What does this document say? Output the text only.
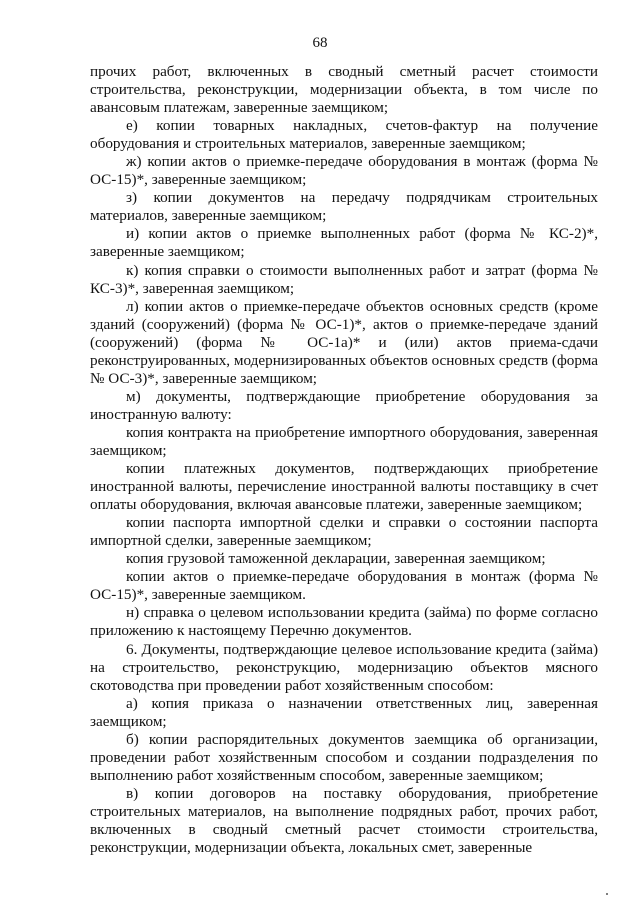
68

прочих работ, включенных в сводный сметный расчет стоимости строительства, реконструкции, модернизации объекта, в том числе по авансовым платежам, заверенные заемщиком;

е) копии товарных накладных, счетов-фактур на получение оборудования и строительных материалов, заверенные заемщиком;

ж) копии актов о приемке-передаче оборудования в монтаж (форма № ОС-15)*, заверенные заемщиком;

з) копии документов на передачу подрядчикам строительных материалов, заверенные заемщиком;

и) копии актов о приемке выполненных работ (форма № КС-2)*, заверенные заемщиком;

к) копия справки о стоимости выполненных работ и затрат (форма № КС-3)*, заверенная заемщиком;

л) копии актов о приемке-передаче объектов основных средств (кроме зданий (сооружений) (форма № ОС-1)*, актов о приемке-передаче зданий (сооружений) (форма № ОС-1а)* и (или) актов приема-сдачи реконструированных, модернизированных объектов основных средств (форма № ОС-3)*, заверенные заемщиком;

м) документы, подтверждающие приобретение оборудования за иностранную валюту:

копия контракта на приобретение импортного оборудования, заверенная заемщиком;

копии платежных документов, подтверждающих приобретение иностранной валюты, перечисление иностранной валюты поставщику в счет оплаты оборудования, включая авансовые платежи, заверенные заемщиком;

копии паспорта импортной сделки и справки о состоянии паспорта импортной сделки, заверенные заемщиком;

копия грузовой таможенной декларации, заверенная заемщиком;

копии актов о приемке-передаче оборудования в монтаж (форма № ОС-15)*, заверенные заемщиком.

н) справка о целевом использовании кредита (займа) по форме согласно приложению к настоящему Перечню документов.

6. Документы, подтверждающие целевое использование кредита (займа) на строительство, реконструкцию, модернизацию объектов мясного скотоводства при проведении работ хозяйственным способом:

а) копия приказа о назначении ответственных лиц, заверенная заемщиком;

б) копии распорядительных документов заемщика об организации, проведении работ хозяйственным способом и создании подразделения по выполнению работ хозяйственным способом, заверенные заемщиком;

в) копии договоров на поставку оборудования, приобретение строительных материалов, на выполнение подрядных работ, прочих работ, включенных в сводный сметный расчет стоимости строительства, реконструкции, модернизации объекта, локальных смет, заверенные
